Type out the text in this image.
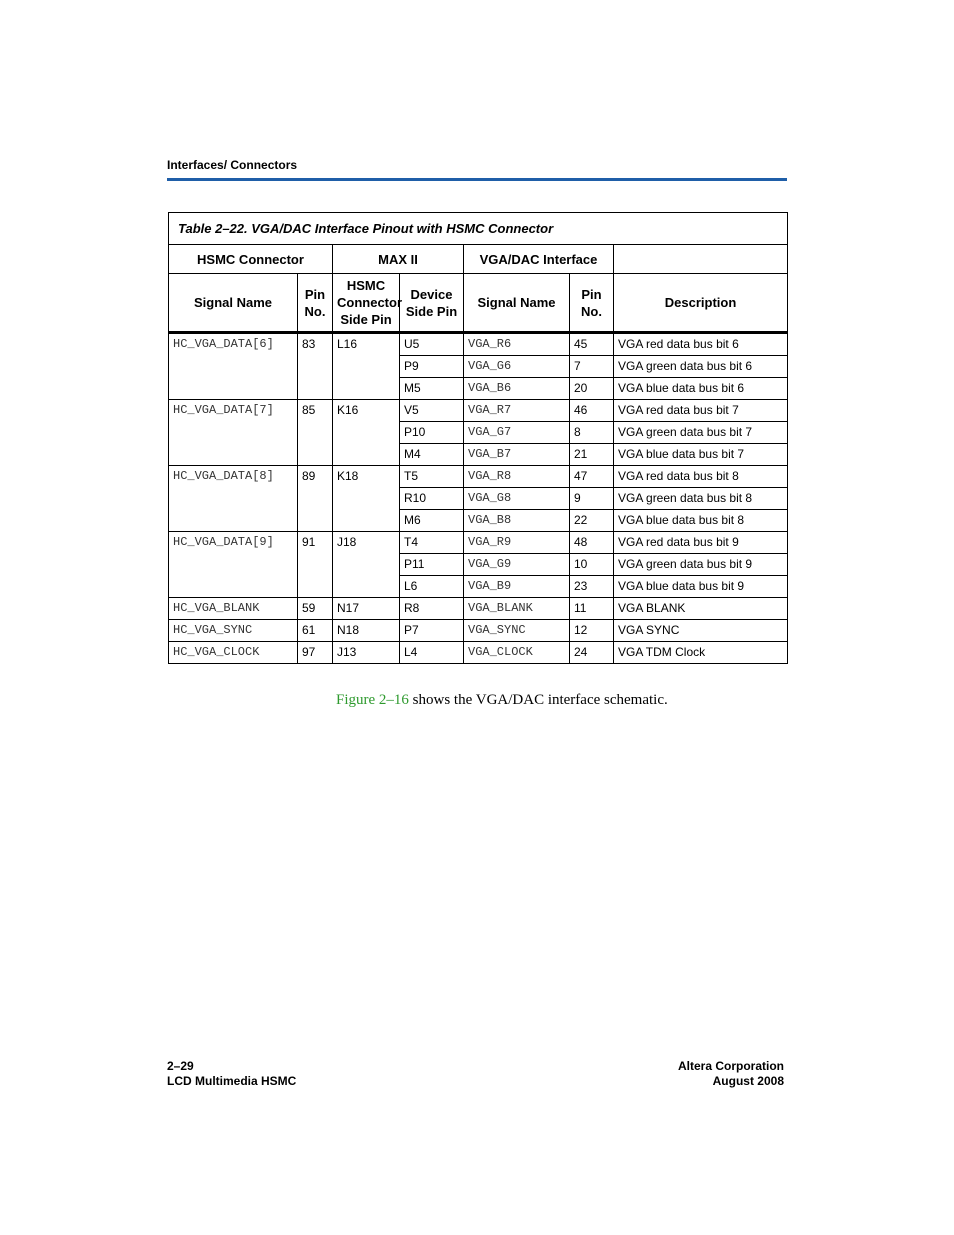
Interfaces/ Connectors
Table 2–22. VGA/DAC Interface Pinout with HSMC Connector						
HSMC Connector		MAX II		VGA/DAC Interface		
Signal Name	Pin No.	HSMC Connector Side Pin	Device Side Pin	Signal Name	Pin No.	Description
HC_VGA_DATA[6]	83	L16	U5	VGA_R6	45	VGA red data bus bit 6
			P9	VGA_G6	7	VGA green data bus bit 6
			M5	VGA_B6	20	VGA blue data bus bit 6
HC_VGA_DATA[7]	85	K16	V5	VGA_R7	46	VGA red data bus bit 7
			P10	VGA_G7	8	VGA green data bus bit 7
			M4	VGA_B7	21	VGA blue data bus bit 7
HC_VGA_DATA[8]	89	K18	T5	VGA_R8	47	VGA red data bus bit 8
			R10	VGA_G8	9	VGA green data bus bit 8
			M6	VGA_B8	22	VGA blue data bus bit 8
HC_VGA_DATA[9]	91	J18	T4	VGA_R9	48	VGA red data bus bit 9
			P11	VGA_G9	10	VGA green data bus bit 9
			L6	VGA_B9	23	VGA blue data bus bit 9
HC_VGA_BLANK	59	N17	R8	VGA_BLANK	11	VGA BLANK
HC_VGA_SYNC	61	N18	P7	VGA_SYNC	12	VGA SYNC
HC_VGA_CLOCK	97	J13	L4	VGA_CLOCK	24	VGA TDM Clock
Figure 2–16 shows the VGA/DAC interface schematic.
2–29
LCD Multimedia HSMC
Altera Corporation
August 2008
